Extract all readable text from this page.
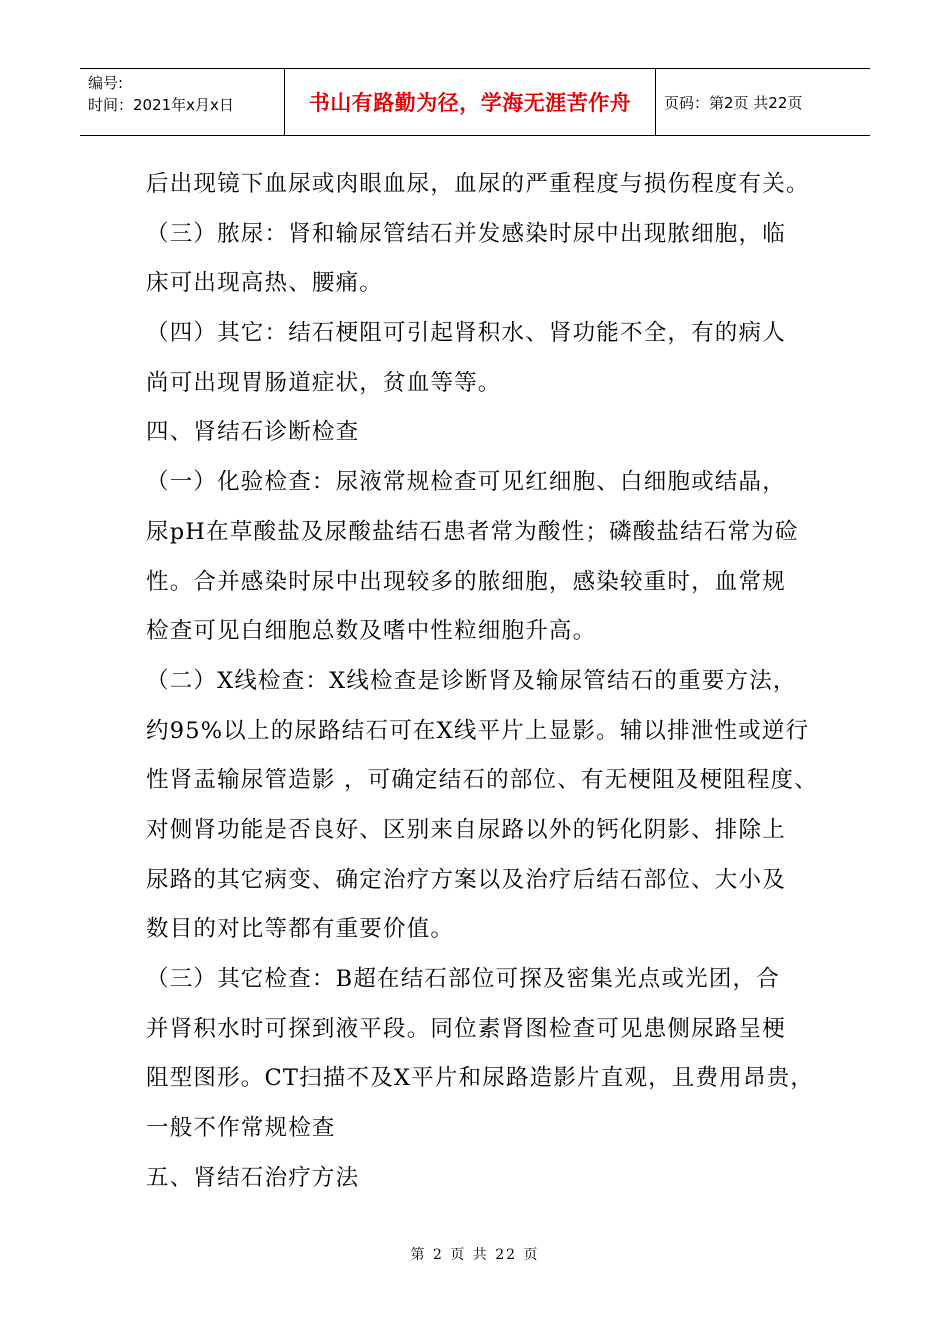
编号:
时间：2021年x月x日	书山有路勤为径，学海无涯苦作舟	页码：第2页 共22页
后出现镜下血尿或肉眼血尿，血尿的严重程度与损伤程度有关。
（三）脓尿：肾和输尿管结石并发感染时尿中出现脓细胞，临
床可出现高热、腰痛。
（四）其它：结石梗阻可引起肾积水、肾功能不全，有的病人
尚可出现胃肠道症状，贫血等等。
四、肾结石诊断检查
（一）化验检查：尿液常规检查可见红细胞、白细胞或结晶，
尿pH在草酸盐及尿酸盐结石患者常为酸性；磷酸盐结石常为硷
性。合并感染时尿中出现较多的脓细胞，感染较重时，血常规
检查可见白细胞总数及嗜中性粒细胞升高。
（二）X线检查：X线检查是诊断肾及输尿管结石的重要方法，
约95%以上的尿路结石可在X线平片上显影。辅以排泄性或逆行
性肾盂输尿管造影 ，可确定结石的部位、有无梗阻及梗阻程度、
对侧肾功能是否良好、区别来自尿路以外的钙化阴影、排除上
尿路的其它病变、确定治疗方案以及治疗后结石部位、大小及
数目的对比等都有重要价值。
（三）其它检查：B超在结石部位可探及密集光点或光团，合
并肾积水时可探到液平段。同位素肾图检查可见患侧尿路呈梗
阻型图形。CT扫描不及X平片和尿路造影片直观，且费用昂贵，
一般不作常规检查
五、肾结石治疗方法
第 2 页 共 22 页
